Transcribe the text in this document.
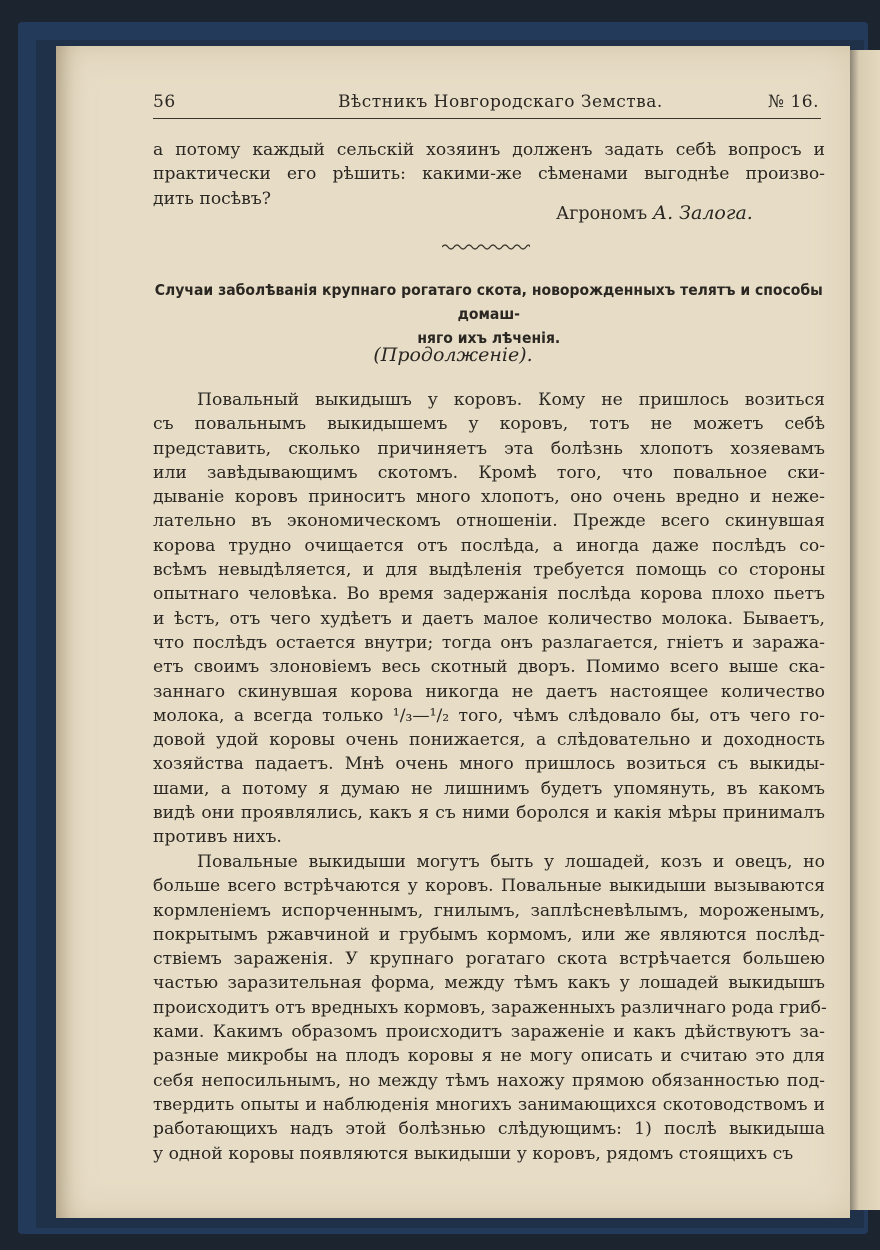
56	Вѣстникъ Новгородскаго Земства.	№ 16.
а потому каждый сельскій хозяинъ долженъ задать себѣ вопросъ и
практически его рѣшить: какими-же сѣменами выгоднѣе произво-
дить посѣвъ?
Агрономъ А. Залога.
Случаи заболѣванія крупнаго рогатаго скота, новорожденныхъ телятъ и способы домаш-
няго ихъ лѣченія.
(Продолженіе).
Повальный выкидышъ у коровъ. Кому не пришлось возиться
съ повальнымъ выкидышемъ у коровъ, тотъ не можетъ себѣ
представить, сколько причиняетъ эта болѣзнь хлопотъ хозяевамъ
или завѣдывающимъ скотомъ. Кромѣ того, что повальное ски-
дываніе коровъ приноситъ много хлопотъ, оно очень вредно и неже-
лательно въ экономическомъ отношеніи. Прежде всего скинувшая
корова трудно очищается отъ послѣда, а иногда даже послѣдъ со-
всѣмъ невыдѣляется, и для выдѣленія требуется помощь со стороны
опытнаго человѣка. Во время задержанія послѣда корова плохо пьетъ
и ѣстъ, отъ чего худѣетъ и даетъ малое количество молока. Бываетъ,
что послѣдъ остается внутри; тогда онъ разлагается, гніетъ и заража-
етъ своимъ злоновіемъ весь скотный дворъ. Помимо всего выше ска-
заннаго скинувшая корова никогда не даетъ настоящее количество
молока, а всегда только ¹/₃—¹/₂ того, чѣмъ слѣдовало бы, отъ чего го-
довой удой коровы очень понижается, а слѣдовательно и доходность
хозяйства падаетъ. Мнѣ очень много пришлось возиться съ выкиды-
шами, а потому я думаю не лишнимъ будетъ упомянуть, въ какомъ
видѣ они проявлялись, какъ я съ ними боролся и какія мѣры принималъ
противъ нихъ.
Повальные выкидыши могутъ быть у лошадей, козъ и овецъ, но
больше всего встрѣчаются у коровъ. Повальные выкидыши вызываются
кормленіемъ испорченнымъ, гнилымъ, заплѣсневѣлымъ, мороженымъ,
покрытымъ ржавчиной и грубымъ кормомъ, или же являются послѣд-
ствіемъ зараженія. У крупнаго рогатаго скота встрѣчается большею
частью заразительная форма, между тѣмъ какъ у лошадей выкидышъ
происходитъ отъ вредныхъ кормовъ, зараженныхъ различнаго рода гриб-
ками. Какимъ образомъ происходитъ зараженіе и какъ дѣйствуютъ за-
разные микробы на плодъ коровы я не могу описать и считаю это для
себя непосильнымъ, но между тѣмъ нахожу прямою обязанностью под-
твердить опыты и наблюденія многихъ занимающихся скотоводствомъ и
работающихъ надъ этой болѣзнью слѣдующимъ: 1) послѣ выкидыша
у одной коровы появляются выкидыши у коровъ, рядомъ стоящихъ съ
